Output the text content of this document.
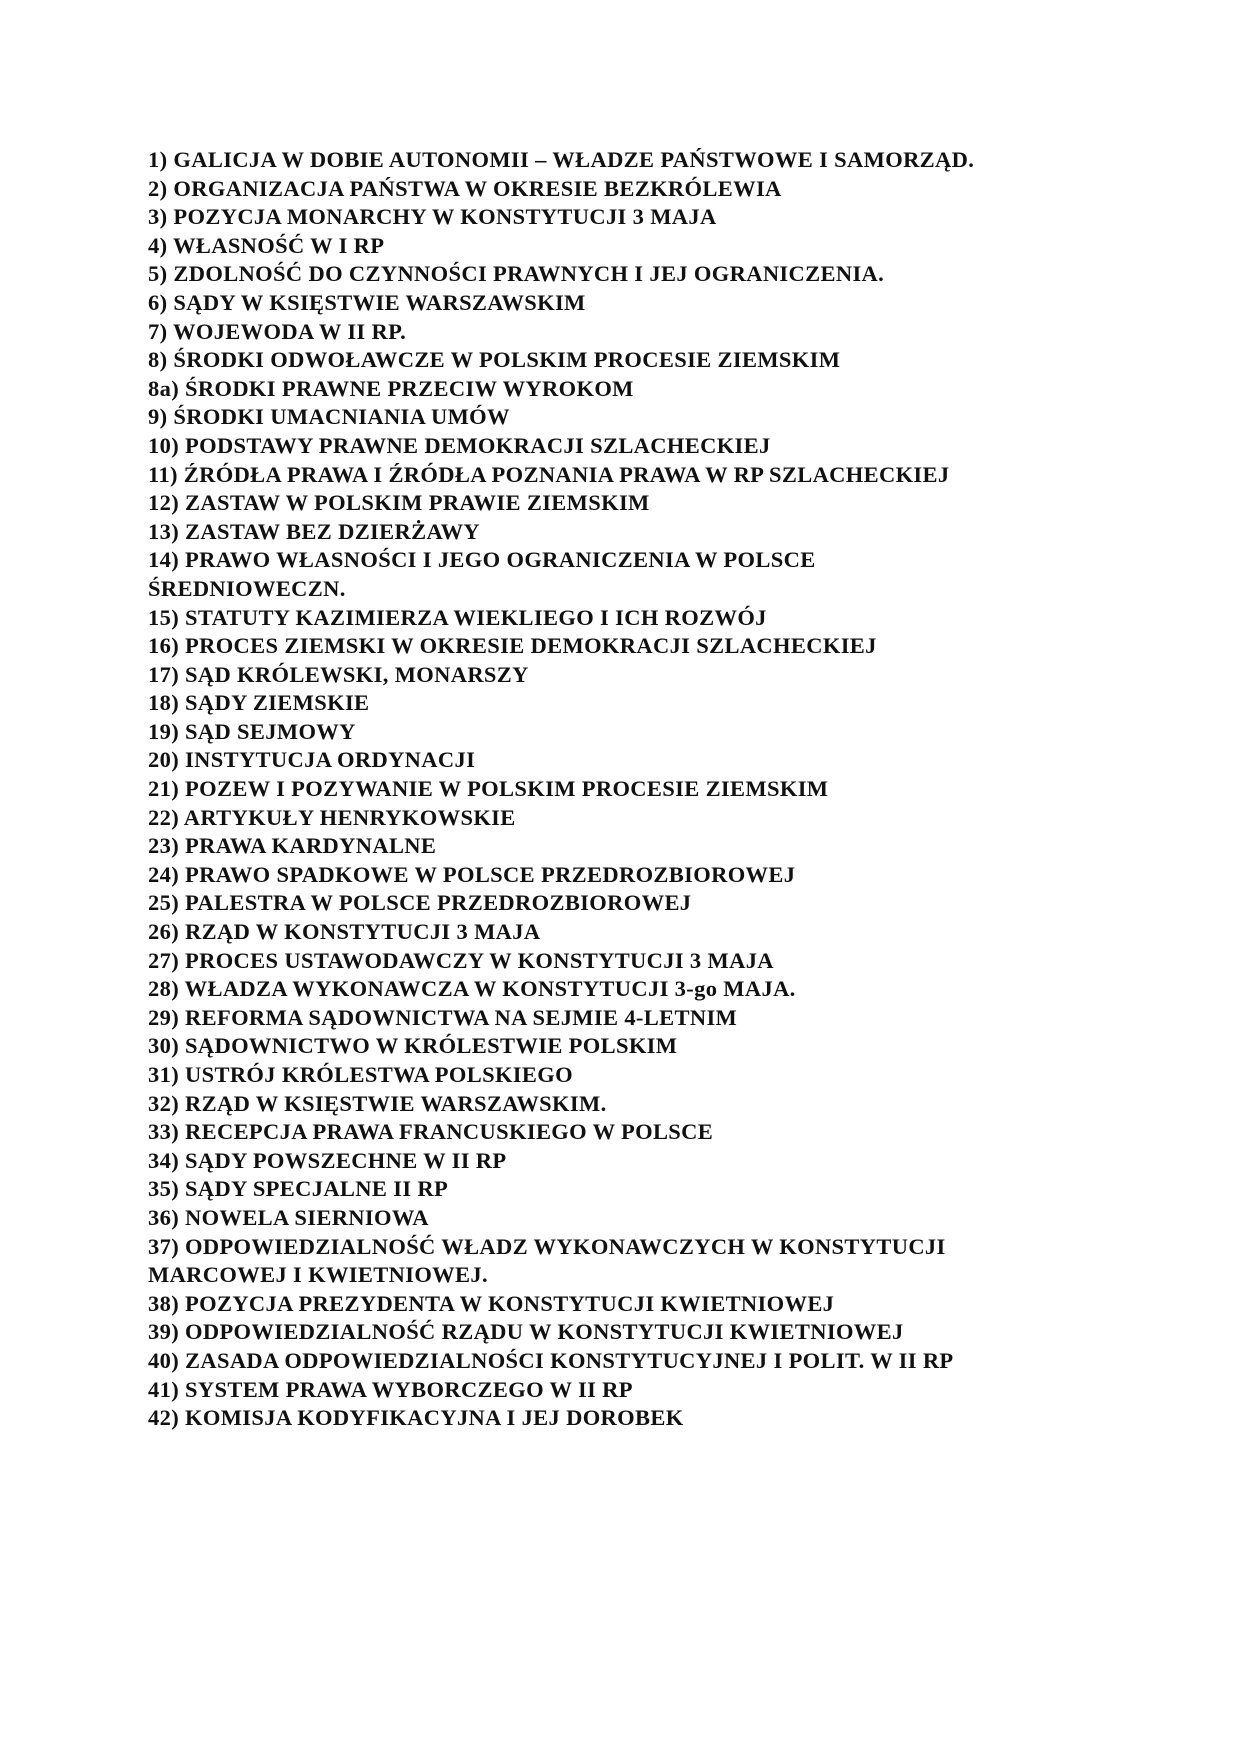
1) GALICJA W DOBIE AUTONOMII – WŁADZE PAŃSTWOWE I SAMORZĄD.
2) ORGANIZACJA PAŃSTWA W OKRESIE BEZKRÓLEWIA
3) POZYCJA MONARCHY W KONSTYTUCJI 3 MAJA
4) WŁASNOŚĆ W I RP
5) ZDOLNOŚĆ DO CZYNNOŚCI PRAWNYCH I JEJ OGRANICZENIA.
6) SĄDY W KSIĘSTWIE WARSZAWSKIM
7) WOJEWODA W II RP.
8) ŚRODKI ODWOŁAWCZE W POLSKIM PROCESIE ZIEMSKIM
8a) ŚRODKI PRAWNE PRZECIW WYROKOM
9) ŚRODKI UMACNIANIA UMÓW
10) PODSTAWY PRAWNE DEMOKRACJI SZLACHECKIEJ
11) ŹRÓDŁA PRAWA I ŹRÓDŁA POZNANIA PRAWA W RP SZLACHECKIEJ
12) ZASTAW W POLSKIM PRAWIE ZIEMSKIM
13) ZASTAW BEZ DZIERŻAWY
14) PRAWO WŁASNOŚCI I JEGO OGRANICZENIA W POLSCE
ŚREDNIOWECZN.
15) STATUTY KAZIMIERZA WIEKLIEGO I ICH ROZWÓJ
16) PROCES ZIEMSKI W OKRESIE DEMOKRACJI SZLACHECKIEJ
17) SĄD KRÓLEWSKI, MONARSZY
18) SĄDY ZIEMSKIE
19) SĄD SEJMOWY
20) INSTYTUCJA ORDYNACJI
21) POZEW I POZYWANIE W POLSKIM PROCESIE ZIEMSKIM
22) ARTYKUŁY HENRYKOWSKIE
23) PRAWA KARDYNALNE
24) PRAWO SPADKOWE W POLSCE PRZEDROZBIOROWEJ
25) PALESTRA W POLSCE PRZEDROZBIOROWEJ
26) RZĄD W KONSTYTUCJI 3 MAJA
27) PROCES USTAWODAWCZY W KONSTYTUCJI 3 MAJA
28) WŁADZA WYKONAWCZA W KONSTYTUCJI 3-go MAJA.
29) REFORMA SĄDOWNICTWA NA SEJMIE 4-LETNIM
30) SĄDOWNICTWO W KRÓLESTWIE POLSKIM
31) USTRÓJ KRÓLESTWA POLSKIEGO
32) RZĄD W KSIĘSTWIE WARSZAWSKIM.
33) RECEPCJA PRAWA FRANCUSKIEGO W POLSCE
34) SĄDY POWSZECHNE W II RP
35) SĄDY SPECJALNE II RP
36) NOWELA SIERNIOWA
37) ODPOWIEDZIALNOŚĆ WŁADZ WYKONAWCZYCH W KONSTYTUCJI
MARCOWEJ I KWIETNIOWEJ.
38) POZYCJA PREZYDENTA W KONSTYTUCJI KWIETNIOWEJ
39) ODPOWIEDZIALNOŚĆ RZĄDU W KONSTYTUCJI KWIETNIOWEJ
40) ZASADA ODPOWIEDZIALNOŚCI KONSTYTUCYJNEJ I POLIT. W II RP
41) SYSTEM PRAWA WYBORCZEGO W II RP
42) KOMISJA KODYFIKACYJNA I JEJ DOROBEK
